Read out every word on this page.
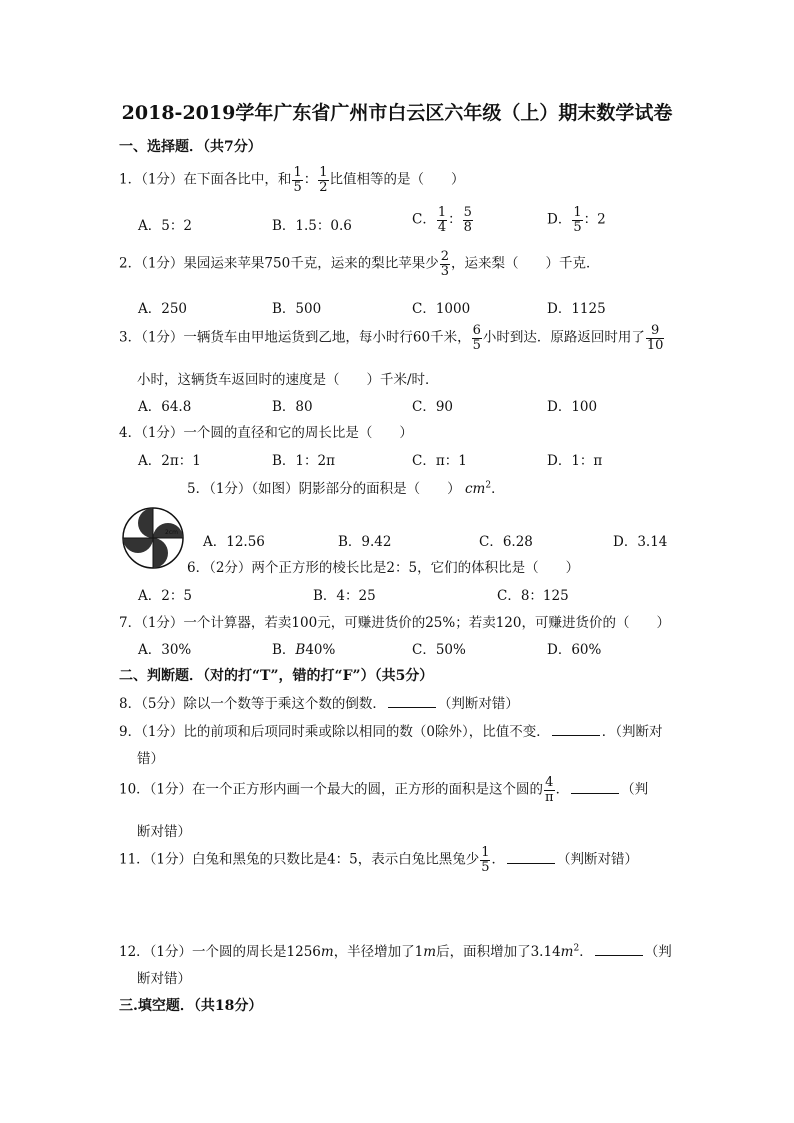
2018-2019学年广东省广州市白云区六年级（上）期末数学试卷
一、选择题．（共7分）
1．（1分）在下面各比中，和 $\frac{1}{5}$ ： $\frac{1}{2}$ 比值相等的是（　　）
A．5：2	B．1.5：0.6	C． $\frac{1}{4}$ ： $\frac{5}{8}$	D． $\frac{1}{5}$ ：2
2．（1分）果园运来苹果750千克，运来的梨比苹果少 $\frac{2}{3}$ ，运来梨（　　）千克．
A．250	B．500	C．1000	D．1125
3．（1分）一辆货车由甲地运货到乙地，每小时行60千米， $\frac{6}{5}$ 小时到达．原路返回时用了 $\frac{9}{10}$
小时，这辆货车返回时的速度是（　　）千米/时．
A．64.8	B．80	C．90	D．100
4．（1分）一个圆的直径和它的周长比是（　　）
A．2π：1	B．1：2π	C．π：1	D．1：π
5．（1分）（如图）阴影部分的面积是（　　） $cm^2$．
2cm
A．12.56	B．9.42	C．6.28	D．3.14
6．（2分）两个正方形的棱长比是2：5，它们的体积比是（　　）
A．2：5	B．4：25	C．8：125
7．（1分）一个计算器，若卖100元，可赚进货价的25%；若卖120，可赚进货价的（　　）
A．30%	B．B40%	C．50%	D．60%
二、判断题．（对的打“T”，错的打“F”）（共5分）
8．（5分）除以一个数等于乘这个数的倒数．	（判断对错）
9．（1分）比的前项和后项同时乘或除以相同的数（0除外），比值不变．	．（判断对
错）
10．（1分）在一个正方形内画一个最大的圆，正方形的面积是这个圆的 $\frac{4}{\pi}$ ．	（判
断对错）
11．（1分）白兔和黑兔的只数比是4：5，表示白兔比黑兔少 $\frac{1}{5}$ ．	（判断对错）
12．（1分）一个圆的周长是1256m，半径增加了1m后，面积增加了$3.14m^2$．	（判
断对错）
三.填空题．（共18分）
